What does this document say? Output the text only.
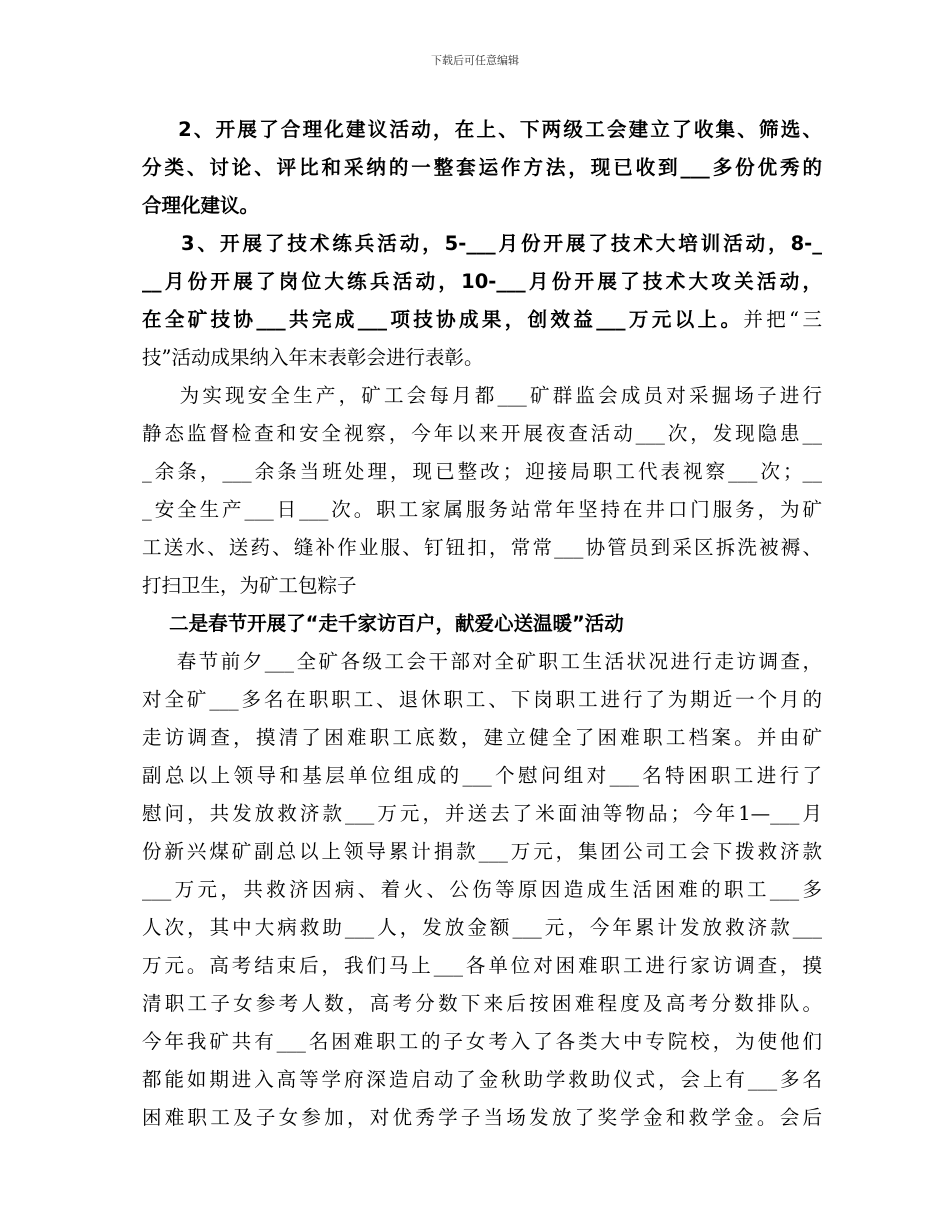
下载后可任意编辑
2、开展了合理化建议活动，在上、下两级工会建立了收集、筛选、
分类、讨论、评比和采纳的一整套运作方法，现已收到___多份优秀的
合理化建议。
3、开展了技术练兵活动，5-___月份开展了技术大培训活动，8-_
__月份开展了岗位大练兵活动，10-___月份开展了技术大攻关活动，
在全矿技协___共完成___项技协成果，创效益___万元以上。并把“三
技”活动成果纳入年末表彰会进行表彰。
为实现安全生产，矿工会每月都___矿群监会成员对采掘场子进行
静态监督检查和安全视察，今年以来开展夜查活动___次，发现隐患__
_余条，___余条当班处理，现已整改；迎接局职工代表视察___次；__
_安全生产___日___次。职工家属服务站常年坚持在井口门服务，为矿
工送水、送药、缝补作业服、钉钮扣，常常___协管员到采区拆洗被褥、
打扫卫生，为矿工包粽子
二是春节开展了“走千家访百户，献爱心送温暖”活动
春节前夕___全矿各级工会干部对全矿职工生活状况进行走访调查，
对全矿___多名在职职工、退休职工、下岗职工进行了为期近一个月的
走访调查，摸清了困难职工底数，建立健全了困难职工档案。并由矿
副总以上领导和基层单位组成的___个慰问组对___名特困职工进行了
慰问，共发放救济款___万元，并送去了米面油等物品；今年1—___月
份新兴煤矿副总以上领导累计捐款___万元，集团公司工会下拨救济款
___万元，共救济因病、着火、公伤等原因造成生活困难的职工___多
人次，其中大病救助___人，发放金额___元，今年累计发放救济款___
万元。高考结束后，我们马上___各单位对困难职工进行家访调查，摸
清职工子女参考人数，高考分数下来后按困难程度及高考分数排队。
今年我矿共有___名困难职工的子女考入了各类大中专院校，为使他们
都能如期进入高等学府深造启动了金秋助学救助仪式，会上有___多名
困难职工及子女参加，对优秀学子当场发放了奖学金和救学金。会后
